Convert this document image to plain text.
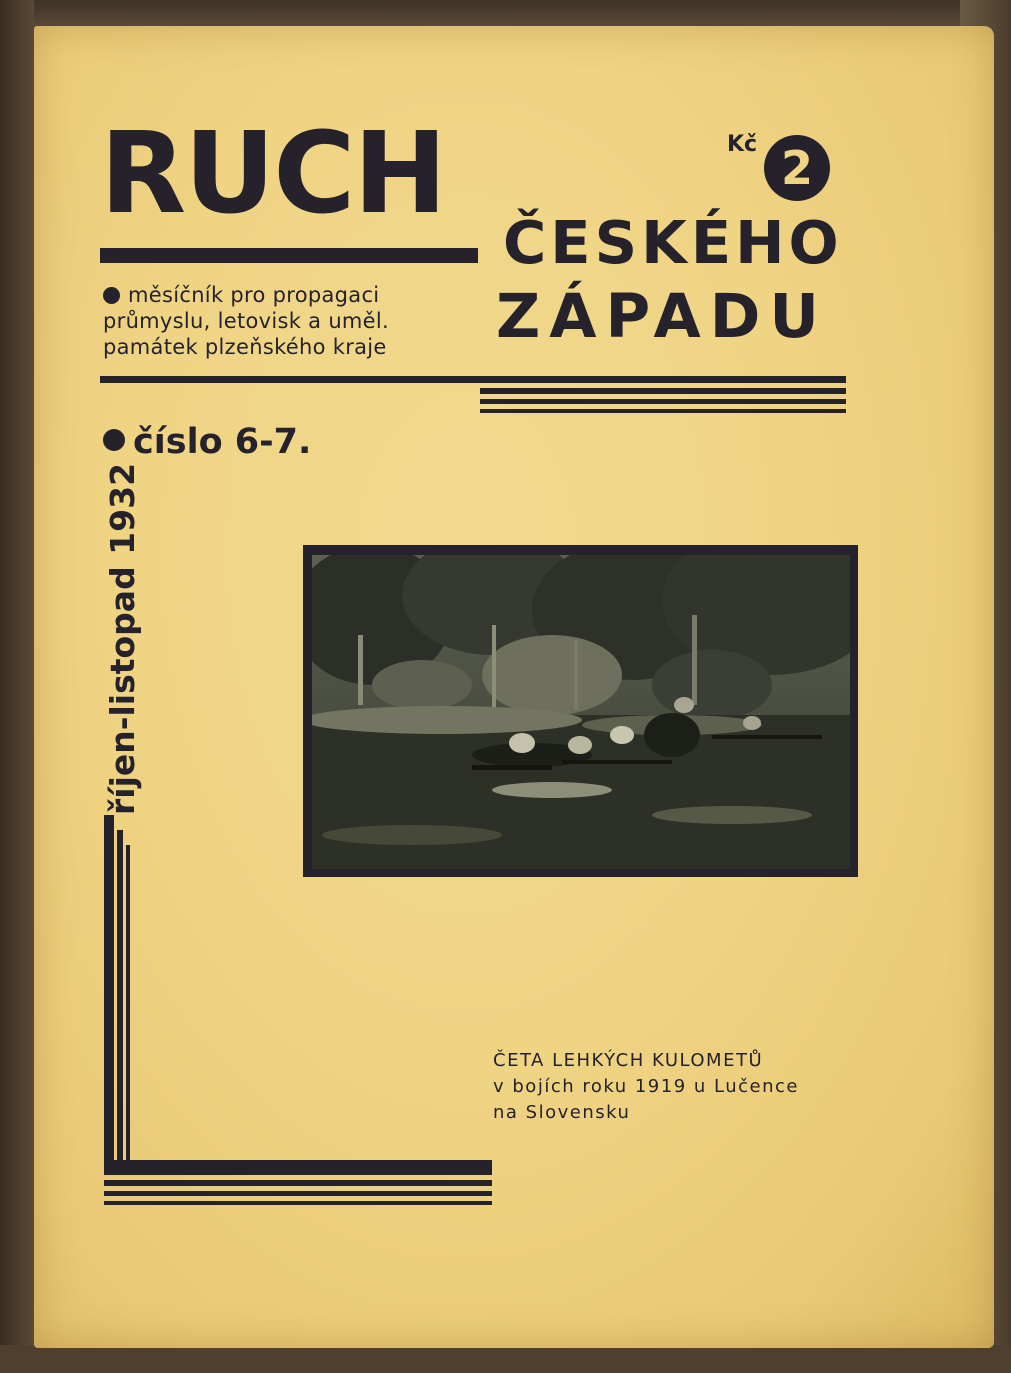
RUCH
měsíčník pro propagaci
průmyslu, letovisk a uměl.
památek plzeňského kraje
Kč 2
ČESKÉHO
ZÁPADU
číslo 6-7.
říjen-listopad 1932
ČETA LEHKÝCH KULOMETŮ
v bojích roku 1919 u Lučence
na Slovensku
